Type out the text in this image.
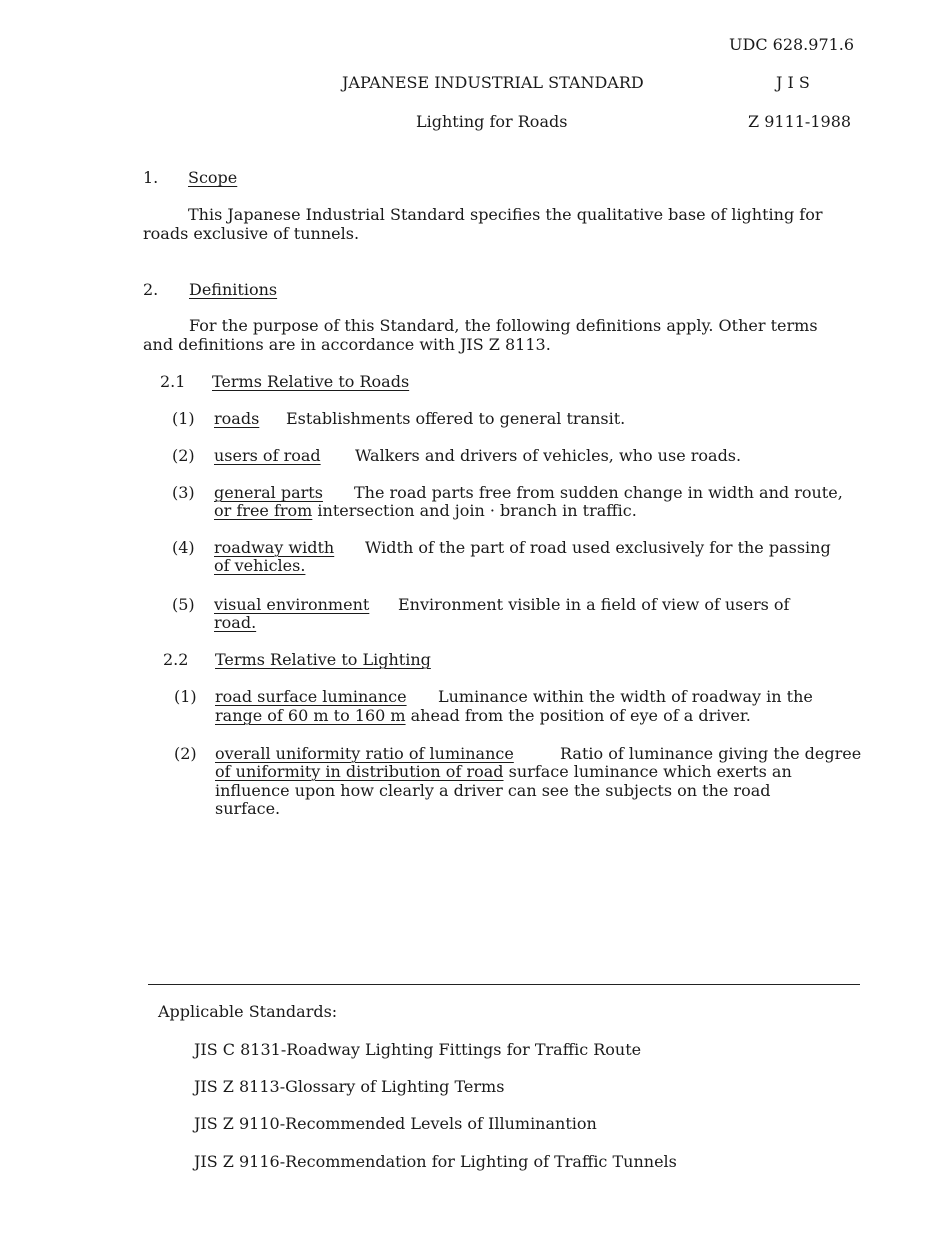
UDC 628.971.6
JAPANESE INDUSTRIAL STANDARD	J I S
Lighting for Roads	Z 9111-1988
1. Scope
This Japanese Industrial Standard specifies the qualitative base of lighting for
roads exclusive of tunnels.
2. Definitions
For the purpose of this Standard, the following definitions apply. Other terms
and definitions are in accordance with JIS Z 8113.
2.1 Terms Relative to Roads
(1) roads Establishments offered to general transit.
(2) users of road Walkers and drivers of vehicles, who use roads.
(3) general parts The road parts free from sudden change in width and route,
or free from intersection and join · branch in traffic.
(4) roadway width Width of the part of road used exclusively for the passing
of vehicles.
(5) visual environment Environment visible in a field of view of users of
road.
2.2 Terms Relative to Lighting
(1) road surface luminance Luminance within the width of roadway in the
range of 60 m to 160 m ahead from the position of eye of a driver.
(2) overall uniformity ratio of luminance	Ratio of luminance giving the degree
of uniformity in distribution of road surface luminance which exerts an
influence upon how clearly a driver can see the subjects on the road
surface.
Applicable Standards:
JIS C 8131-Roadway Lighting Fittings for Traffic Route
JIS Z 8113-Glossary of Lighting Terms
JIS Z 9110-Recommended Levels of Illuminantion
JIS Z 9116-Recommendation for Lighting of Traffic Tunnels
